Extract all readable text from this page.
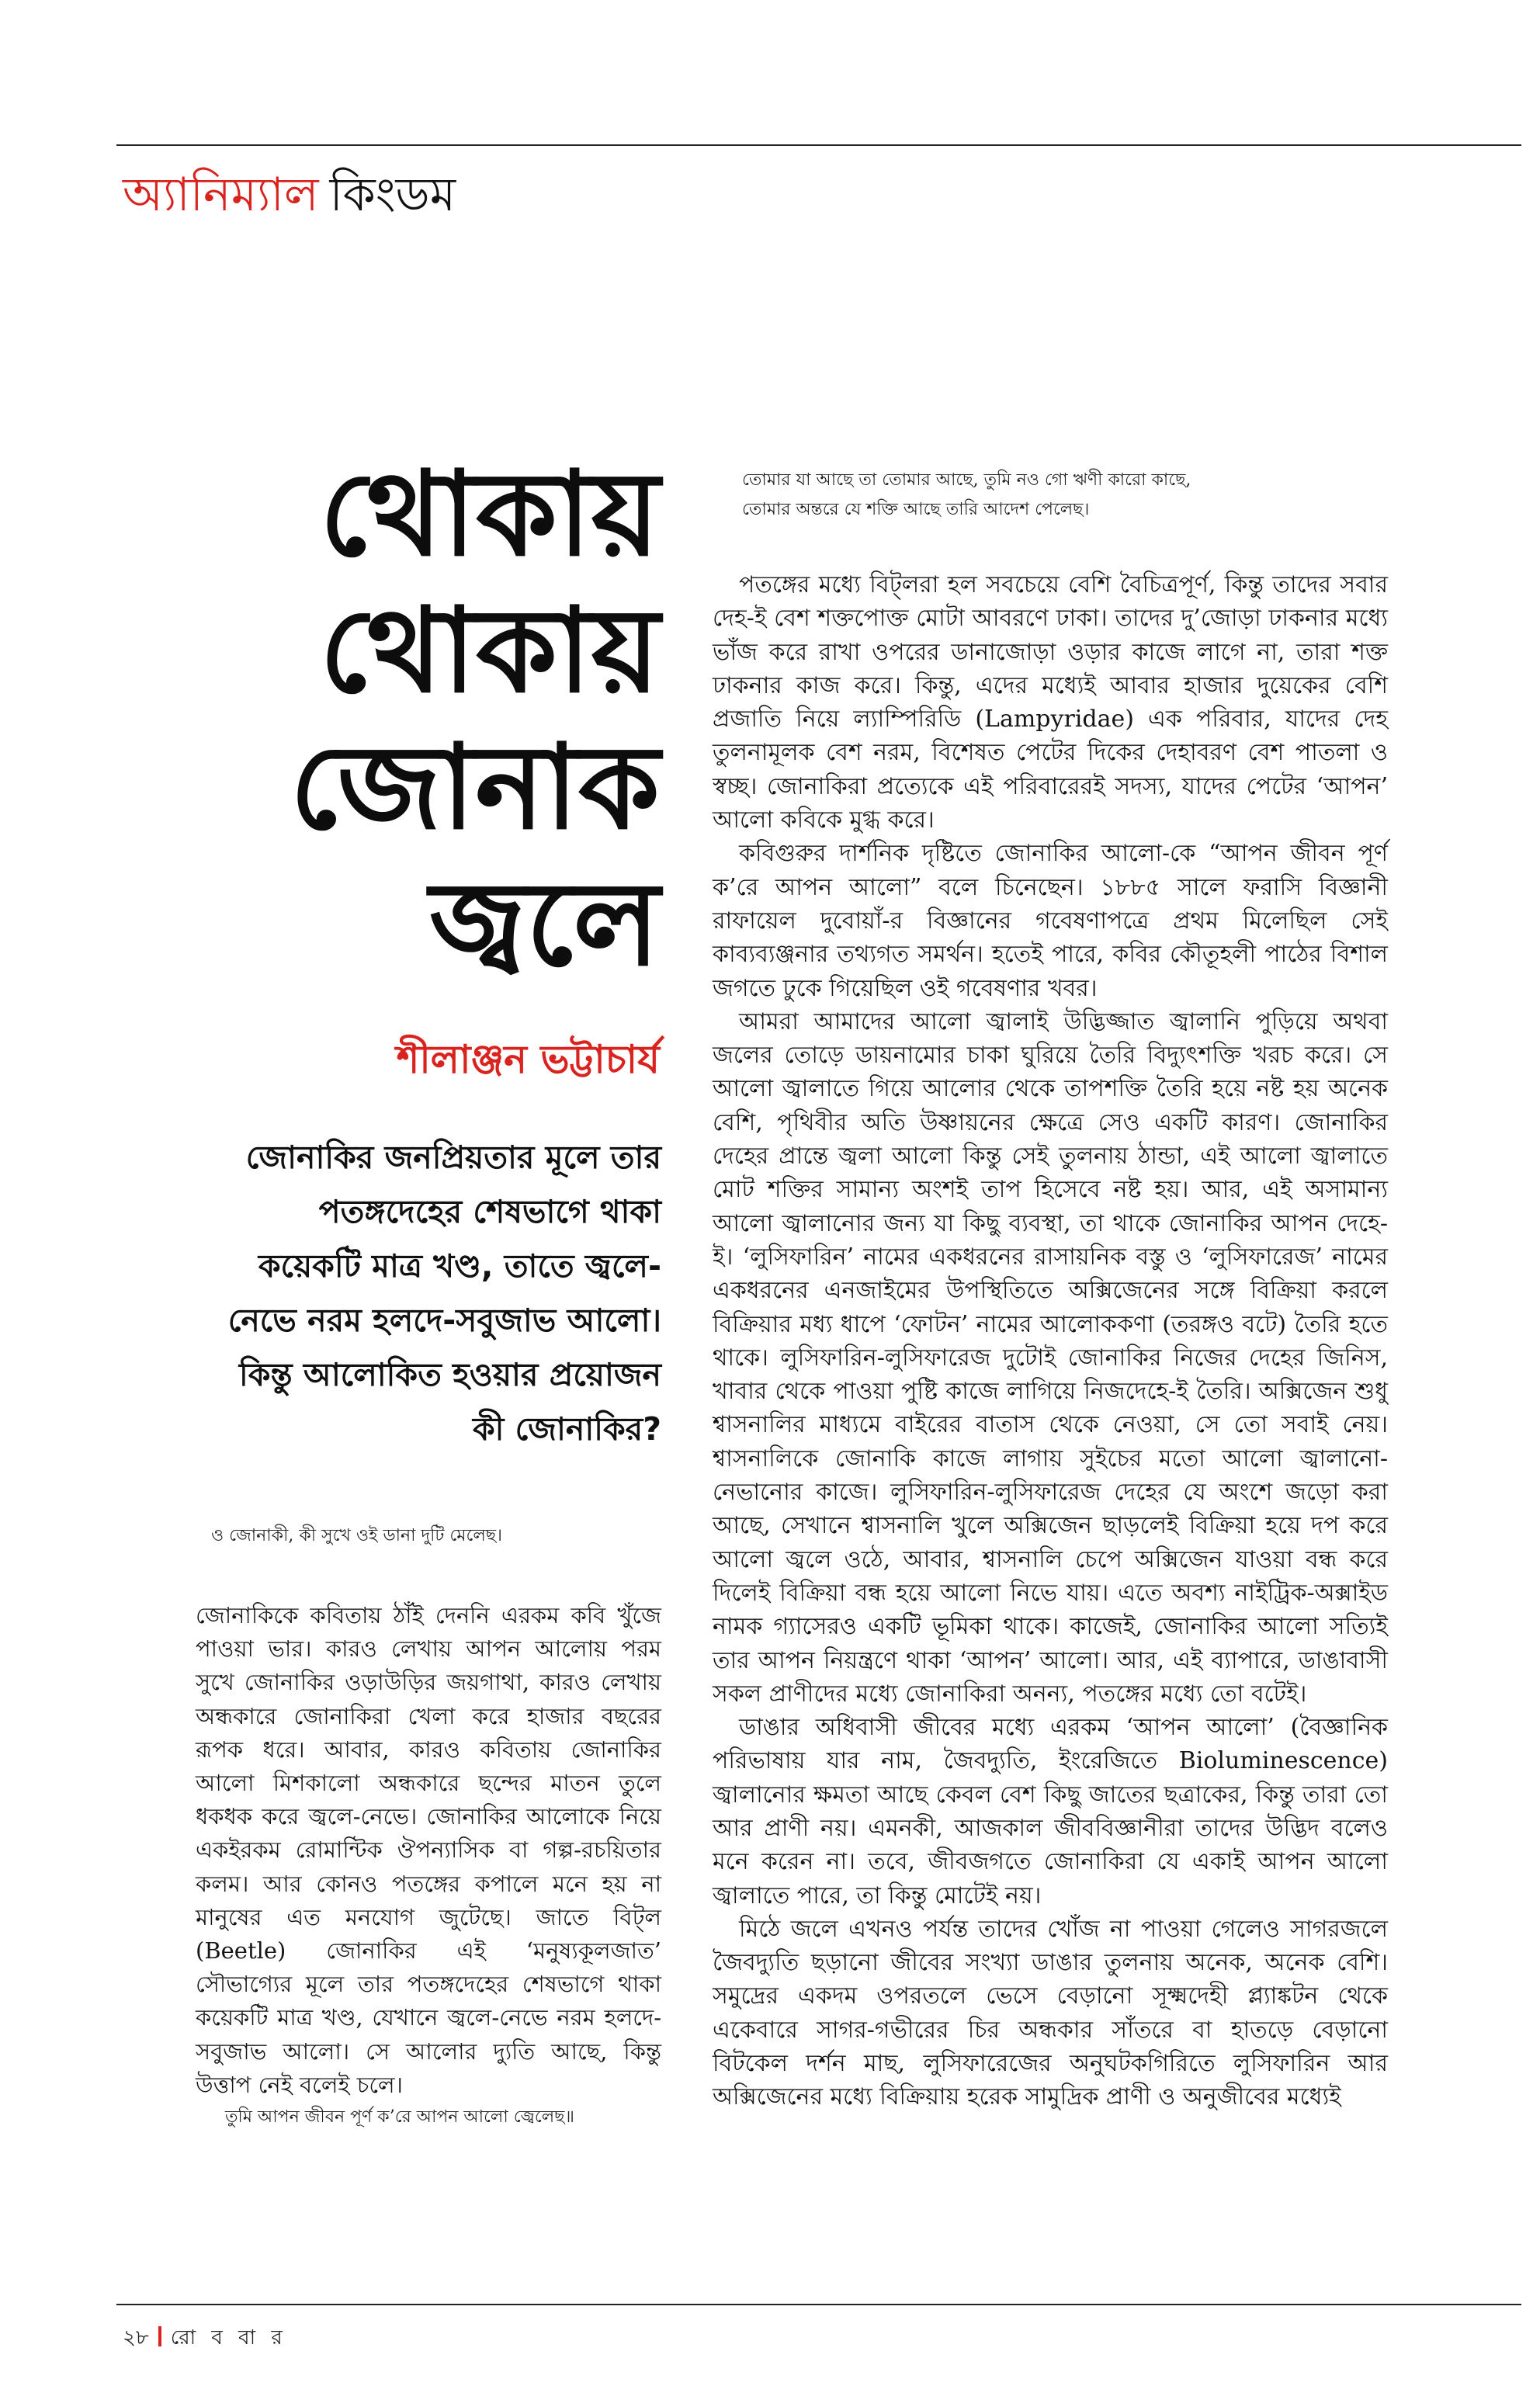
অ্যানিম্যাল কিংডম
থোকায়
থোকায়
জোনাক
জ্বলে
শীলাঞ্জন ভট্টাচার্য
জোনাকির জনপ্রিয়তার মূলে তার
পতঙ্গদেহের শেষভাগে থাকা
কয়েকটি মাত্র খণ্ড, তাতে জ্বলে-
নেভে নরম হলদে-সবুজাভ আলো।
কিন্তু আলোকিত হওয়ার প্রয়োজন
কী জোনাকির?
ও জোনাকী, কী সুখে ওই ডানা দুটি মেলেছ।

জোনাকিকে কবিতায় ঠাঁই দেননি এরকম কবি খুঁজে পাওয়া ভার। কারও লেখায় আপন আলোয় পরম সুখে জোনাকির ওড়াউড়ির জয়গাথা, কারও লেখায় অন্ধকারে জোনাকিরা খেলা করে হাজার বছরের রূপক ধরে। আবার, কারও কবিতায় জোনাকির আলো মিশকালো অন্ধকারে ছন্দের মাতন তুলে ধকধক করে জ্বলে-নেভে। জোনাকির আলোকে নিয়ে একইরকম রোমান্টিক ঔপন্যাসিক বা গল্প-রচয়িতার কলম। আর কোনও পতঙ্গের কপালে মনে হয় না মানুষের এত মনযোগ জুটেছে। জাতে বিট্‌ল (Beetle) জোনাকির এই ‘মনুষ্যকূলজাত’ সৌভাগ্যের মূলে তার পতঙ্গদেহের শেষভাগে থাকা কয়েকটি মাত্র খণ্ড, যেখানে জ্বলে-নেভে নরম হলদে-সবুজাভ আলো। সে আলোর দ্যুতি আছে, কিন্তু উত্তাপ নেই বলেই চলে।

তুমি আপন জীবন পূর্ণ ক’রে আপন আলো জ্বেলেছ॥
তোমার যা আছে তা তোমার আছে, তুমি নও গো ঋণী কারো কাছে,
তোমার অন্তরে যে শক্তি আছে তারি আদেশ পেলেছ।

পতঙ্গের মধ্যে বিট্‌লরা হল সবচেয়ে বেশি বৈচিত্রপূর্ণ, কিন্তু তাদের সবার দেহ-ই বেশ শক্তপোক্ত মোটা আবরণে ঢাকা। তাদের দু’জোড়া ঢাকনার মধ্যে ভাঁজ করে রাখা ওপরের ডানাজোড়া ওড়ার কাজে লাগে না, তারা শক্ত ঢাকনার কাজ করে। কিন্তু, এদের মধ্যেই আবার হাজার দুয়েকের বেশি প্রজাতি নিয়ে ল্যাম্পিরিডি (Lampyridae) এক পরিবার, যাদের দেহ তুলনামূলক বেশ নরম, বিশেষত পেটের দিকের দেহাবরণ বেশ পাতলা ও স্বচ্ছ। জোনাকিরা প্রত্যেকে এই পরিবারেরই সদস্য, যাদের পেটের ‘আপন’ আলো কবিকে মুগ্ধ করে।

কবিগুরুর দার্শনিক দৃষ্টিতে জোনাকির আলো-কে “আপন জীবন পূর্ণ ক’রে আপন আলো” বলে চিনেছেন। ১৮৮৫ সালে ফরাসি বিজ্ঞানী রাফায়েল দুবোয়াঁ-র বিজ্ঞানের গবেষণাপত্রে প্রথম মিলেছিল সেই কাব্যব্যঞ্জনার তথ্যগত সমর্থন। হতেই পারে, কবির কৌতূহলী পাঠের বিশাল জগতে ঢুকে গিয়েছিল ওই গবেষণার খবর।

আমরা আমাদের আলো জ্বালাই উদ্ভিজ্জাত জ্বালানি পুড়িয়ে অথবা জলের তোড়ে ডায়নামোর চাকা ঘুরিয়ে তৈরি বিদ্যুৎশক্তি খরচ করে। সে আলো জ্বালাতে গিয়ে আলোর থেকে তাপশক্তি তৈরি হয়ে নষ্ট হয় অনেক বেশি, পৃথিবীর অতি উষ্ণায়নের ক্ষেত্রে সেও একটি কারণ। জোনাকির দেহের প্রান্তে জ্বলা আলো কিন্তু সেই তুলনায় ঠান্ডা, এই আলো জ্বালাতে মোট শক্তির সামান্য অংশই তাপ হিসেবে নষ্ট হয়। আর, এই অসামান্য আলো জ্বালানোর জন্য যা কিছু ব্যবস্থা, তা থাকে জোনাকির আপন দেহে-ই। ‘লুসিফারিন’ নামের একধরনের রাসায়নিক বস্তু ও ‘লুসিফারেজ’ নামের একধরনের এনজাইমের উপস্থিতিতে অক্সিজেনের সঙ্গে বিক্রিয়া করলে বিক্রিয়ার মধ্য ধাপে ‘ফোটন’ নামের আলোককণা (তরঙ্গও বটে) তৈরি হতে থাকে। লুসিফারিন-লুসিফারেজ দুটোই জোনাকির নিজের দেহের জিনিস, খাবার থেকে পাওয়া পুষ্টি কাজে লাগিয়ে নিজদেহে-ই তৈরি। অক্সিজেন শুধু শ্বাসনালির মাধ্যমে বাইরের বাতাস থেকে নেওয়া, সে তো সবাই নেয়। শ্বাসনালিকে জোনাকি কাজে লাগায় সুইচের মতো আলো জ্বালানো-নেভানোর কাজে। লুসিফারিন-লুসিফারেজ দেহের যে অংশে জড়ো করা আছে, সেখানে শ্বাসনালি খুলে অক্সিজেন ছাড়লেই বিক্রিয়া হয়ে দপ করে আলো জ্বলে ওঠে, আবার, শ্বাসনালি চেপে অক্সিজেন যাওয়া বন্ধ করে দিলেই বিক্রিয়া বন্ধ হয়ে আলো নিভে যায়। এতে অবশ্য নাইট্রিক-অক্সাইড নামক গ্যাসেরও একটি ভূমিকা থাকে। কাজেই, জোনাকির আলো সত্যিই তার আপন নিয়ন্ত্রণে থাকা ‘আপন’ আলো। আর, এই ব্যাপারে, ডাঙাবাসী সকল প্রাণীদের মধ্যে জোনাকিরা অনন্য, পতঙ্গের মধ্যে তো বটেই।

ডাঙার অধিবাসী জীবের মধ্যে এরকম ‘আপন আলো’ (বৈজ্ঞানিক পরিভাষায় যার নাম, জৈবদ্যুতি, ইংরেজিতে Bioluminescence) জ্বালানোর ক্ষমতা আছে কেবল বেশ কিছু জাতের ছত্রাকের, কিন্তু তারা তো আর প্রাণী নয়। এমনকী, আজকাল জীববিজ্ঞানীরা তাদের উদ্ভিদ বলেও মনে করেন না। তবে, জীবজগতে জোনাকিরা যে একাই আপন আলো জ্বালাতে পারে, তা কিন্তু মোটেই নয়।

মিঠে জলে এখনও পর্যন্ত তাদের খোঁজ না পাওয়া গেলেও সাগরজলে জৈবদ্যুতি ছড়ানো জীবের সংখ্যা ডাঙার তুলনায় অনেক, অনেক বেশি। সমুদ্রের একদম ওপরতলে ভেসে বেড়ানো সূক্ষ্মদেহী প্ল্যাঙ্কটন থেকে একেবারে সাগর-গভীরের চির অন্ধকার সাঁতরে বা হাতড়ে বেড়ানো বিটকেল দর্শন মাছ, লুসিফারেজের অনুঘটকগিরিতে লুসিফারিন আর অক্সিজেনের মধ্যে বিক্রিয়ায় হরেক সামুদ্রিক প্রাণী ও অনুজীবের মধ্যেই

২৮ রো ব বা র
